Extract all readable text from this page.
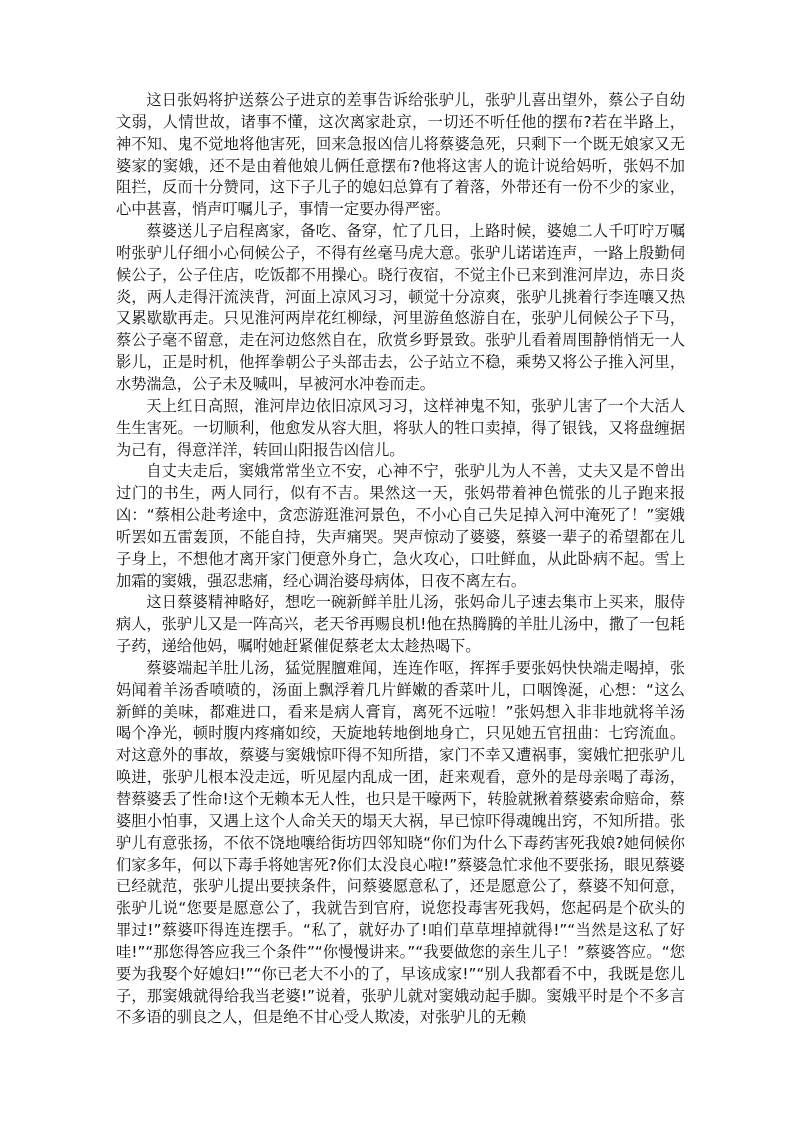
这日张妈将护送蔡公子进京的差事告诉给张驴儿，张驴儿喜出望外，蔡公子自幼文弱，人情世故，诸事不懂，这次离家赴京，一切还不听任他的摆布?若在半路上，神不知、鬼不觉地将他害死，回来急报凶信儿将蔡婆急死，只剩下一个既无娘家又无婆家的窦娥，还不是由着他娘儿俩任意摆布?他将这害人的诡计说给妈听，张妈不加阻拦，反而十分赞同，这下子儿子的媳妇总算有了着落，外带还有一份不少的家业，心中甚喜，悄声叮嘱儿子，事情一定要办得严密。

蔡婆送儿子启程离家，备吃、备穿，忙了几日，上路时候，婆媳二人千叮咛万嘱咐张驴儿仔细小心伺候公子，不得有丝毫马虎大意。张驴儿诺诺连声，一路上殷勤伺候公子，公子住店，吃饭都不用操心。晓行夜宿，不觉主仆已来到淮河岸边，赤日炎炎，两人走得汗流浃背，河面上凉风习习，顿觉十分凉爽，张驴儿挑着行李连嚷又热又累歇歇再走。只见淮河两岸花红柳绿，河里游鱼悠游自在，张驴儿伺候公子下马，蔡公子毫不留意，走在河边悠然自在，欣赏乡野景致。张驴儿看着周围静悄悄无一人影儿，正是时机，他挥拳朝公子头部击去，公子站立不稳，乘势又将公子推入河里，水势湍急，公子未及喊叫，早被河水冲卷而走。

天上红日高照，淮河岸边依旧凉风习习，这样神鬼不知，张驴儿害了一个大活人生生害死。一切顺利，他愈发从容大胆，将驮人的牲口卖掉，得了银钱，又将盘缠据为己有，得意洋洋，转回山阳报告凶信儿。

自丈夫走后，窦娥常常坐立不安，心神不宁，张驴儿为人不善，丈夫又是不曾出过门的书生，两人同行，似有不吉。果然这一天，张妈带着神色慌张的儿子跑来报凶：“蔡相公赴考途中，贪恋游逛淮河景色，不小心自己失足掉入河中淹死了！”窦娥听罢如五雷轰顶，不能自持，失声痛哭。哭声惊动了婆婆，蔡婆一辈子的希望都在儿子身上，不想他才离开家门便意外身亡，急火攻心，口吐鲜血，从此卧病不起。雪上加霜的窦娥，强忍悲痛，经心调治婆母病体，日夜不离左右。

这日蔡婆精神略好，想吃一碗新鲜羊肚儿汤，张妈命儿子速去集市上买来，服侍病人，张驴儿又是一阵高兴，老天爷再赐良机!他在热腾腾的羊肚儿汤中，撒了一包耗子药，递给他妈，嘱咐她赶紧催促蔡老太太趁热喝下。

蔡婆端起羊肚儿汤，猛觉腥膻难闻，连连作呕，挥挥手要张妈快快端走喝掉，张妈闻着羊汤香喷喷的，汤面上飘浮着几片鲜嫩的香菜叶儿，口咽馋涎，心想：“这么新鲜的美味，都难进口，看来是病人膏肓，离死不远啦！”张妈想入非非地就将羊汤喝个净光，顿时腹内疼痛如绞，天旋地转地倒地身亡，只见她五官扭曲：七窍流血。对这意外的事故，蔡婆与窦娥惊吓得不知所措，家门不幸又遭祸事，窦娥忙把张驴儿唤进，张驴儿根本没走远，听见屋内乱成一团，赶来观看，意外的是母亲喝了毒汤，替蔡婆丢了性命!这个无赖本无人性，也只是干嚎两下，转脸就揪着蔡婆索命赔命，蔡婆胆小怕事，又遇上这个人命关天的塌天大祸，早已惊吓得魂魄出窍，不知所措。张驴儿有意张扬，不依不饶地嚷给街坊四邻知晓“你们为什么下毒药害死我娘?她伺候你们家多年，何以下毒手将她害死?你们太没良心啦!”蔡婆急忙求他不要张扬，眼见蔡婆已经就范，张驴儿提出要挟条件，问蔡婆愿意私了，还是愿意公了，蔡婆不知何意，张驴儿说“您要是愿意公了，我就告到官府，说您投毒害死我妈，您起码是个砍头的罪过!”蔡婆吓得连连摆手。“私了，就好办了!咱们草草埋掉就得!”“当然是这私了好哇!”“那您得答应我三个条件”“你慢慢讲来。”“我要做您的亲生儿子！”蔡婆答应。“您要为我娶个好媳妇!”“你已老大不小的了，早该成家!”“别人我都看不中，我既是您儿子，那窦娥就得给我当老婆!”说着，张驴儿就对窦娥动起手脚。窦娥平时是个不多言不多语的驯良之人，但是绝不甘心受人欺凌，对张驴儿的无赖
